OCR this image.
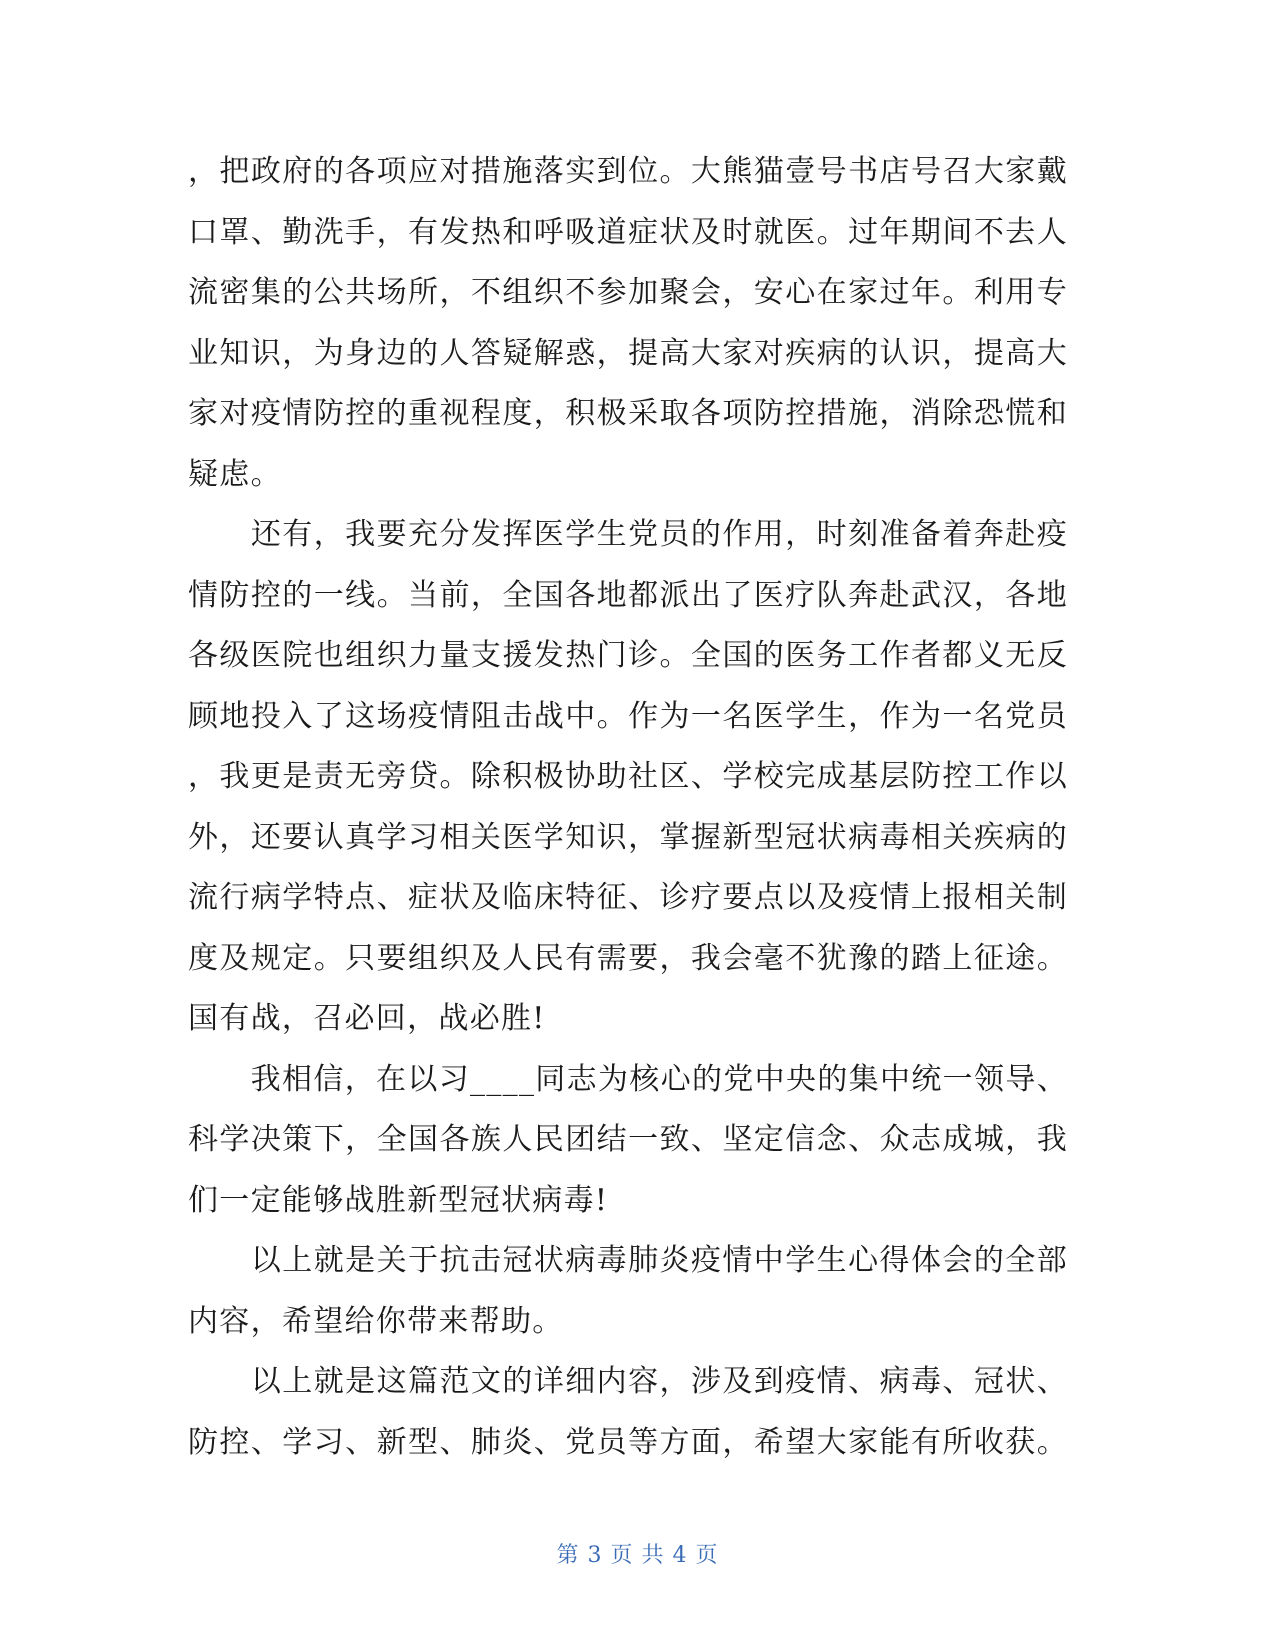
，把政府的各项应对措施落实到位。大熊猫壹号书店号召大家戴
口罩、勤洗手，有发热和呼吸道症状及时就医。过年期间不去人
流密集的公共场所，不组织不参加聚会，安心在家过年。利用专
业知识，为身边的人答疑解惑，提高大家对疾病的认识，提高大
家对疫情防控的重视程度，积极采取各项防控措施，消除恐慌和
疑虑。
　　还有，我要充分发挥医学生党员的作用，时刻准备着奔赴疫
情防控的一线。当前，全国各地都派出了医疗队奔赴武汉，各地
各级医院也组织力量支援发热门诊。全国的医务工作者都义无反
顾地投入了这场疫情阻击战中。作为一名医学生，作为一名党员
，我更是责无旁贷。除积极协助社区、学校完成基层防控工作以
外，还要认真学习相关医学知识，掌握新型冠状病毒相关疾病的
流行病学特点、症状及临床特征、诊疗要点以及疫情上报相关制
度及规定。只要组织及人民有需要，我会毫不犹豫的踏上征途。
国有战，召必回，战必胜!
　　我相信，在以习____同志为核心的党中央的集中统一领导、
科学决策下，全国各族人民团结一致、坚定信念、众志成城，我
们一定能够战胜新型冠状病毒!
　　以上就是关于抗击冠状病毒肺炎疫情中学生心得体会的全部
内容，希望给你带来帮助。
　　以上就是这篇范文的详细内容，涉及到疫情、病毒、冠状、
防控、学习、新型、肺炎、党员等方面，希望大家能有所收获。
第 3 页 共 4 页
